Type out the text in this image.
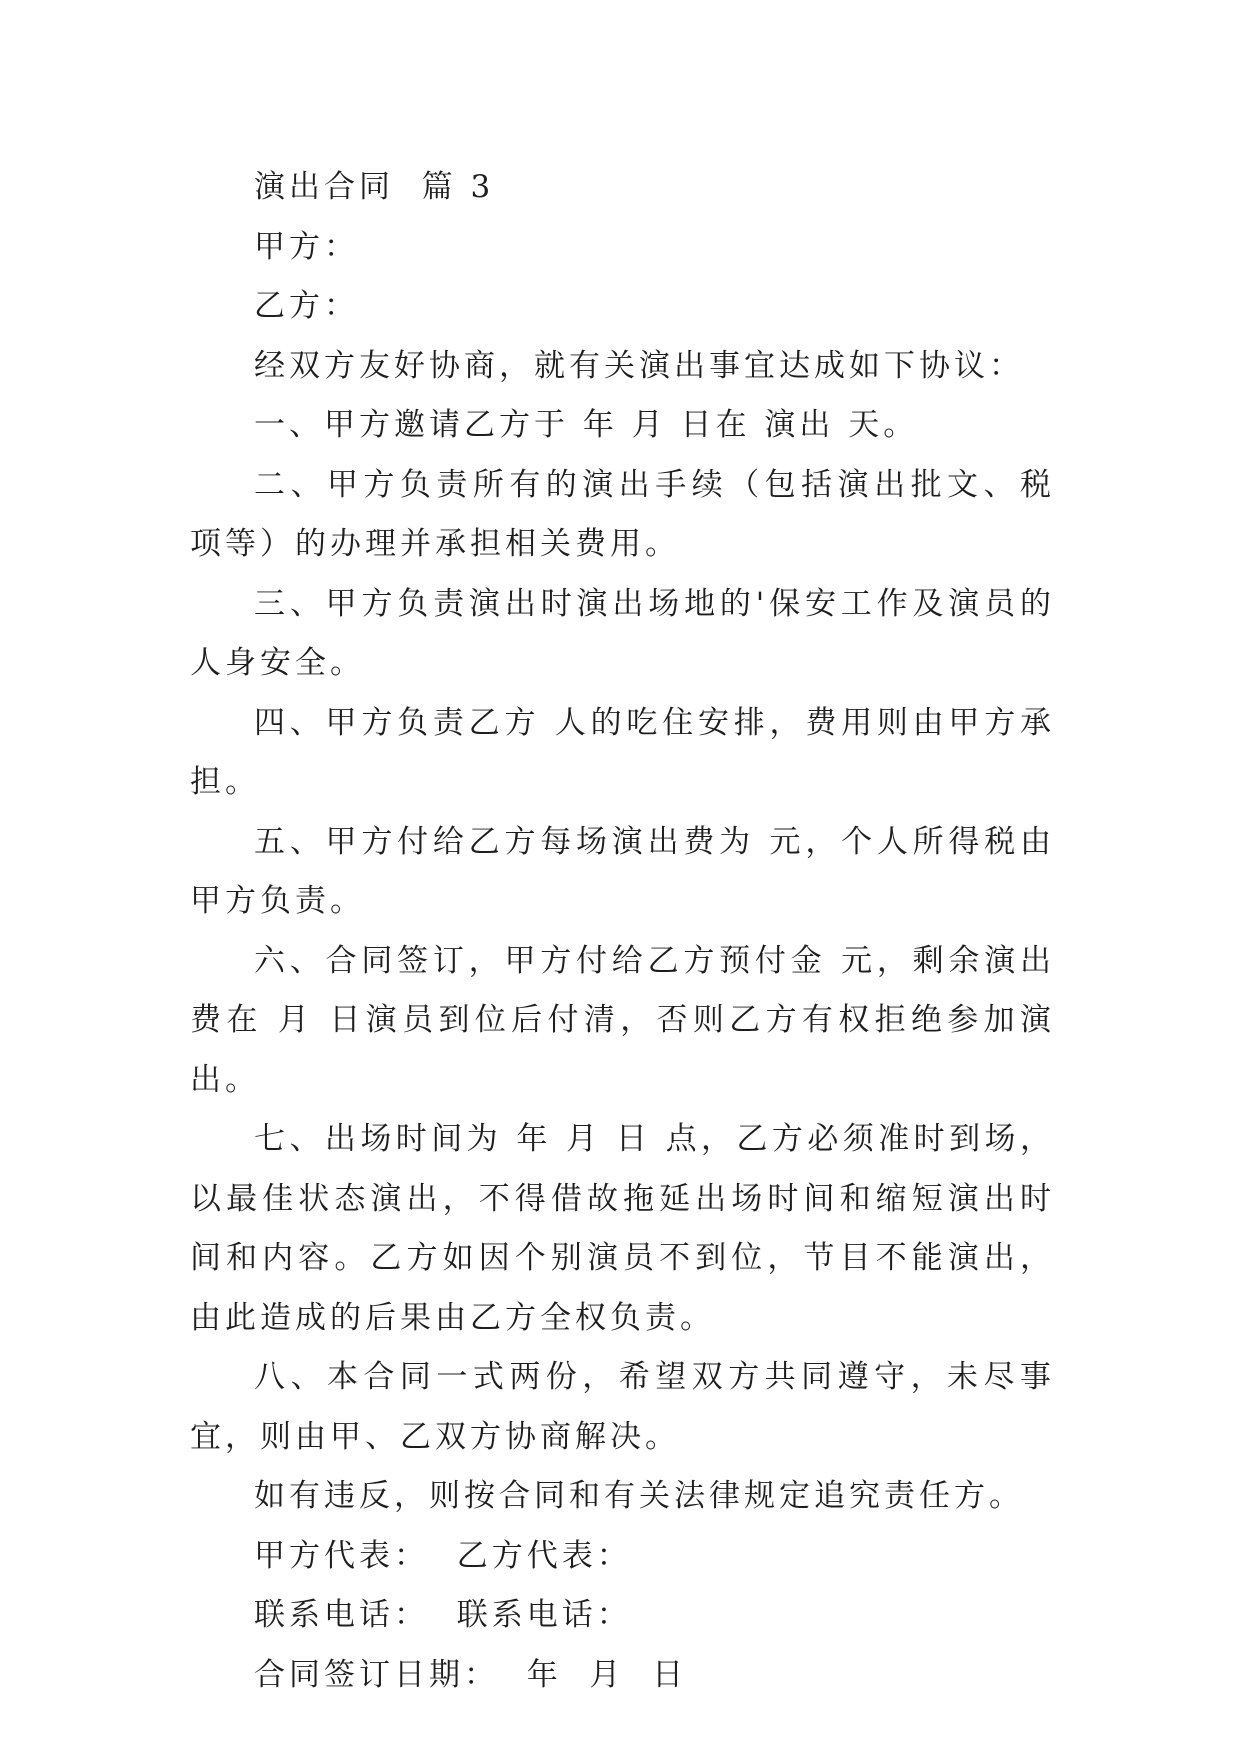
演出合同  篇 3
甲方：
乙方：
经双方友好协商，就有关演出事宜达成如下协议：
一、甲方邀请乙方于 年 月 日在 演出 天。
二、甲方负责所有的演出手续（包括演出批文、税项等）的办理并承担相关费用。
三、甲方负责演出时演出场地的'保安工作及演员的人身安全。
四、甲方负责乙方 人的吃住安排，费用则由甲方承担。
五、甲方付给乙方每场演出费为 元，个人所得税由甲方负责。
六、合同签订，甲方付给乙方预付金 元，剩余演出费在 月 日演员到位后付清，否则乙方有权拒绝参加演出。
七、出场时间为 年 月 日 点，乙方必须准时到场，以最佳状态演出，不得借故拖延出场时间和缩短演出时间和内容。乙方如因个别演员不到位，节目不能演出，由此造成的后果由乙方全权负责。
八、本合同一式两份，希望双方共同遵守，未尽事宜，则由甲、乙双方协商解决。
如有违反，则按合同和有关法律规定追究责任方。
甲方代表：  乙方代表：
联系电话：  联系电话：
合同签订日期：  年  月  日
